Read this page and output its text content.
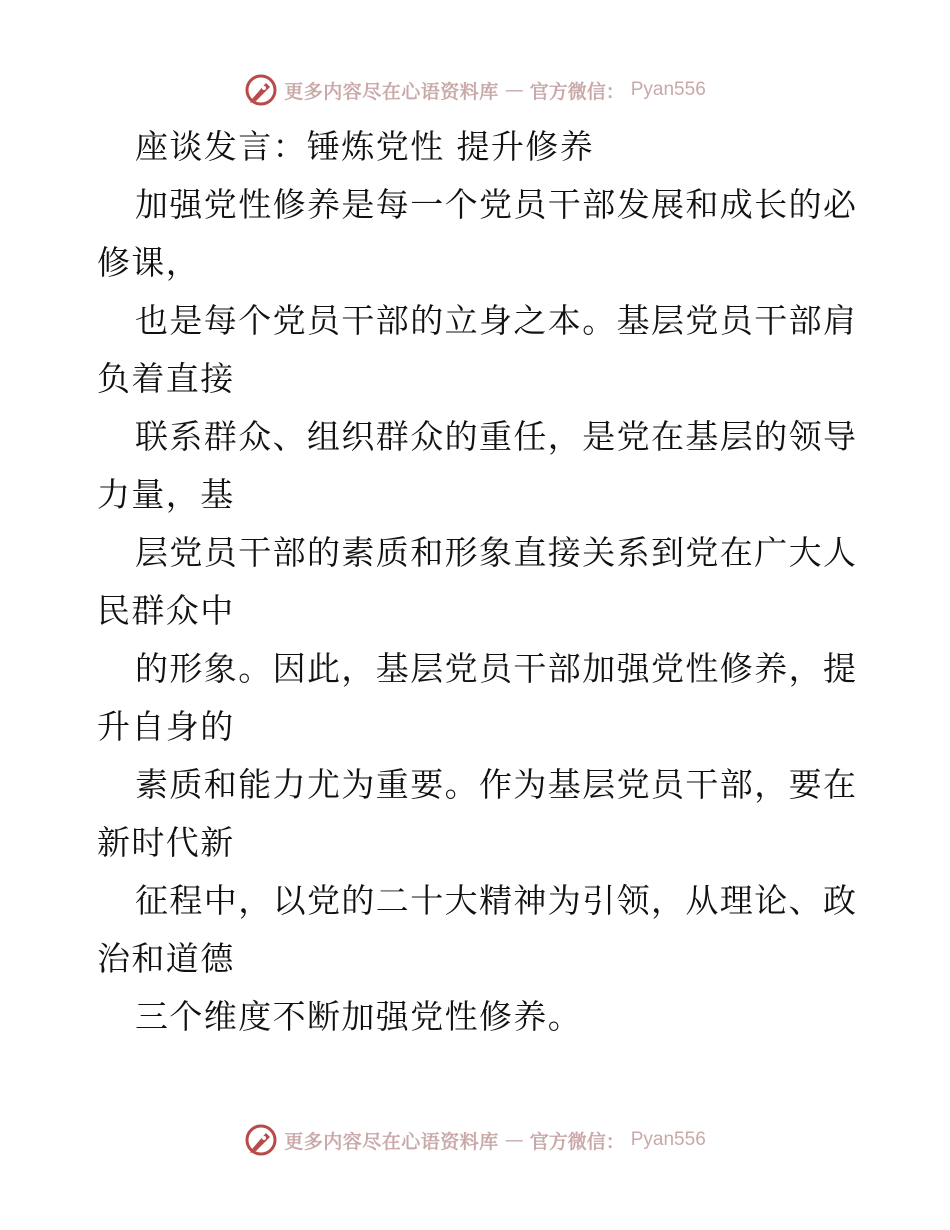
更多内容尽在心语资料库 — 官方微信： Pyan556
座谈发言：锤炼党性 提升修养
加强党性修养是每一个党员干部发展和成长的必
修课，
也是每个党员干部的立身之本。基层党员干部肩
负着直接
联系群众、组织群众的重任，是党在基层的领导
力量，基
层党员干部的素质和形象直接关系到党在广大人
民群众中
的形象。因此，基层党员干部加强党性修养，提
升自身的
素质和能力尤为重要。作为基层党员干部，要在
新时代新
征程中，以党的二十大精神为引领，从理论、政
治和道德
三个维度不断加强党性修养。
更多内容尽在心语资料库 — 官方微信： Pyan556
